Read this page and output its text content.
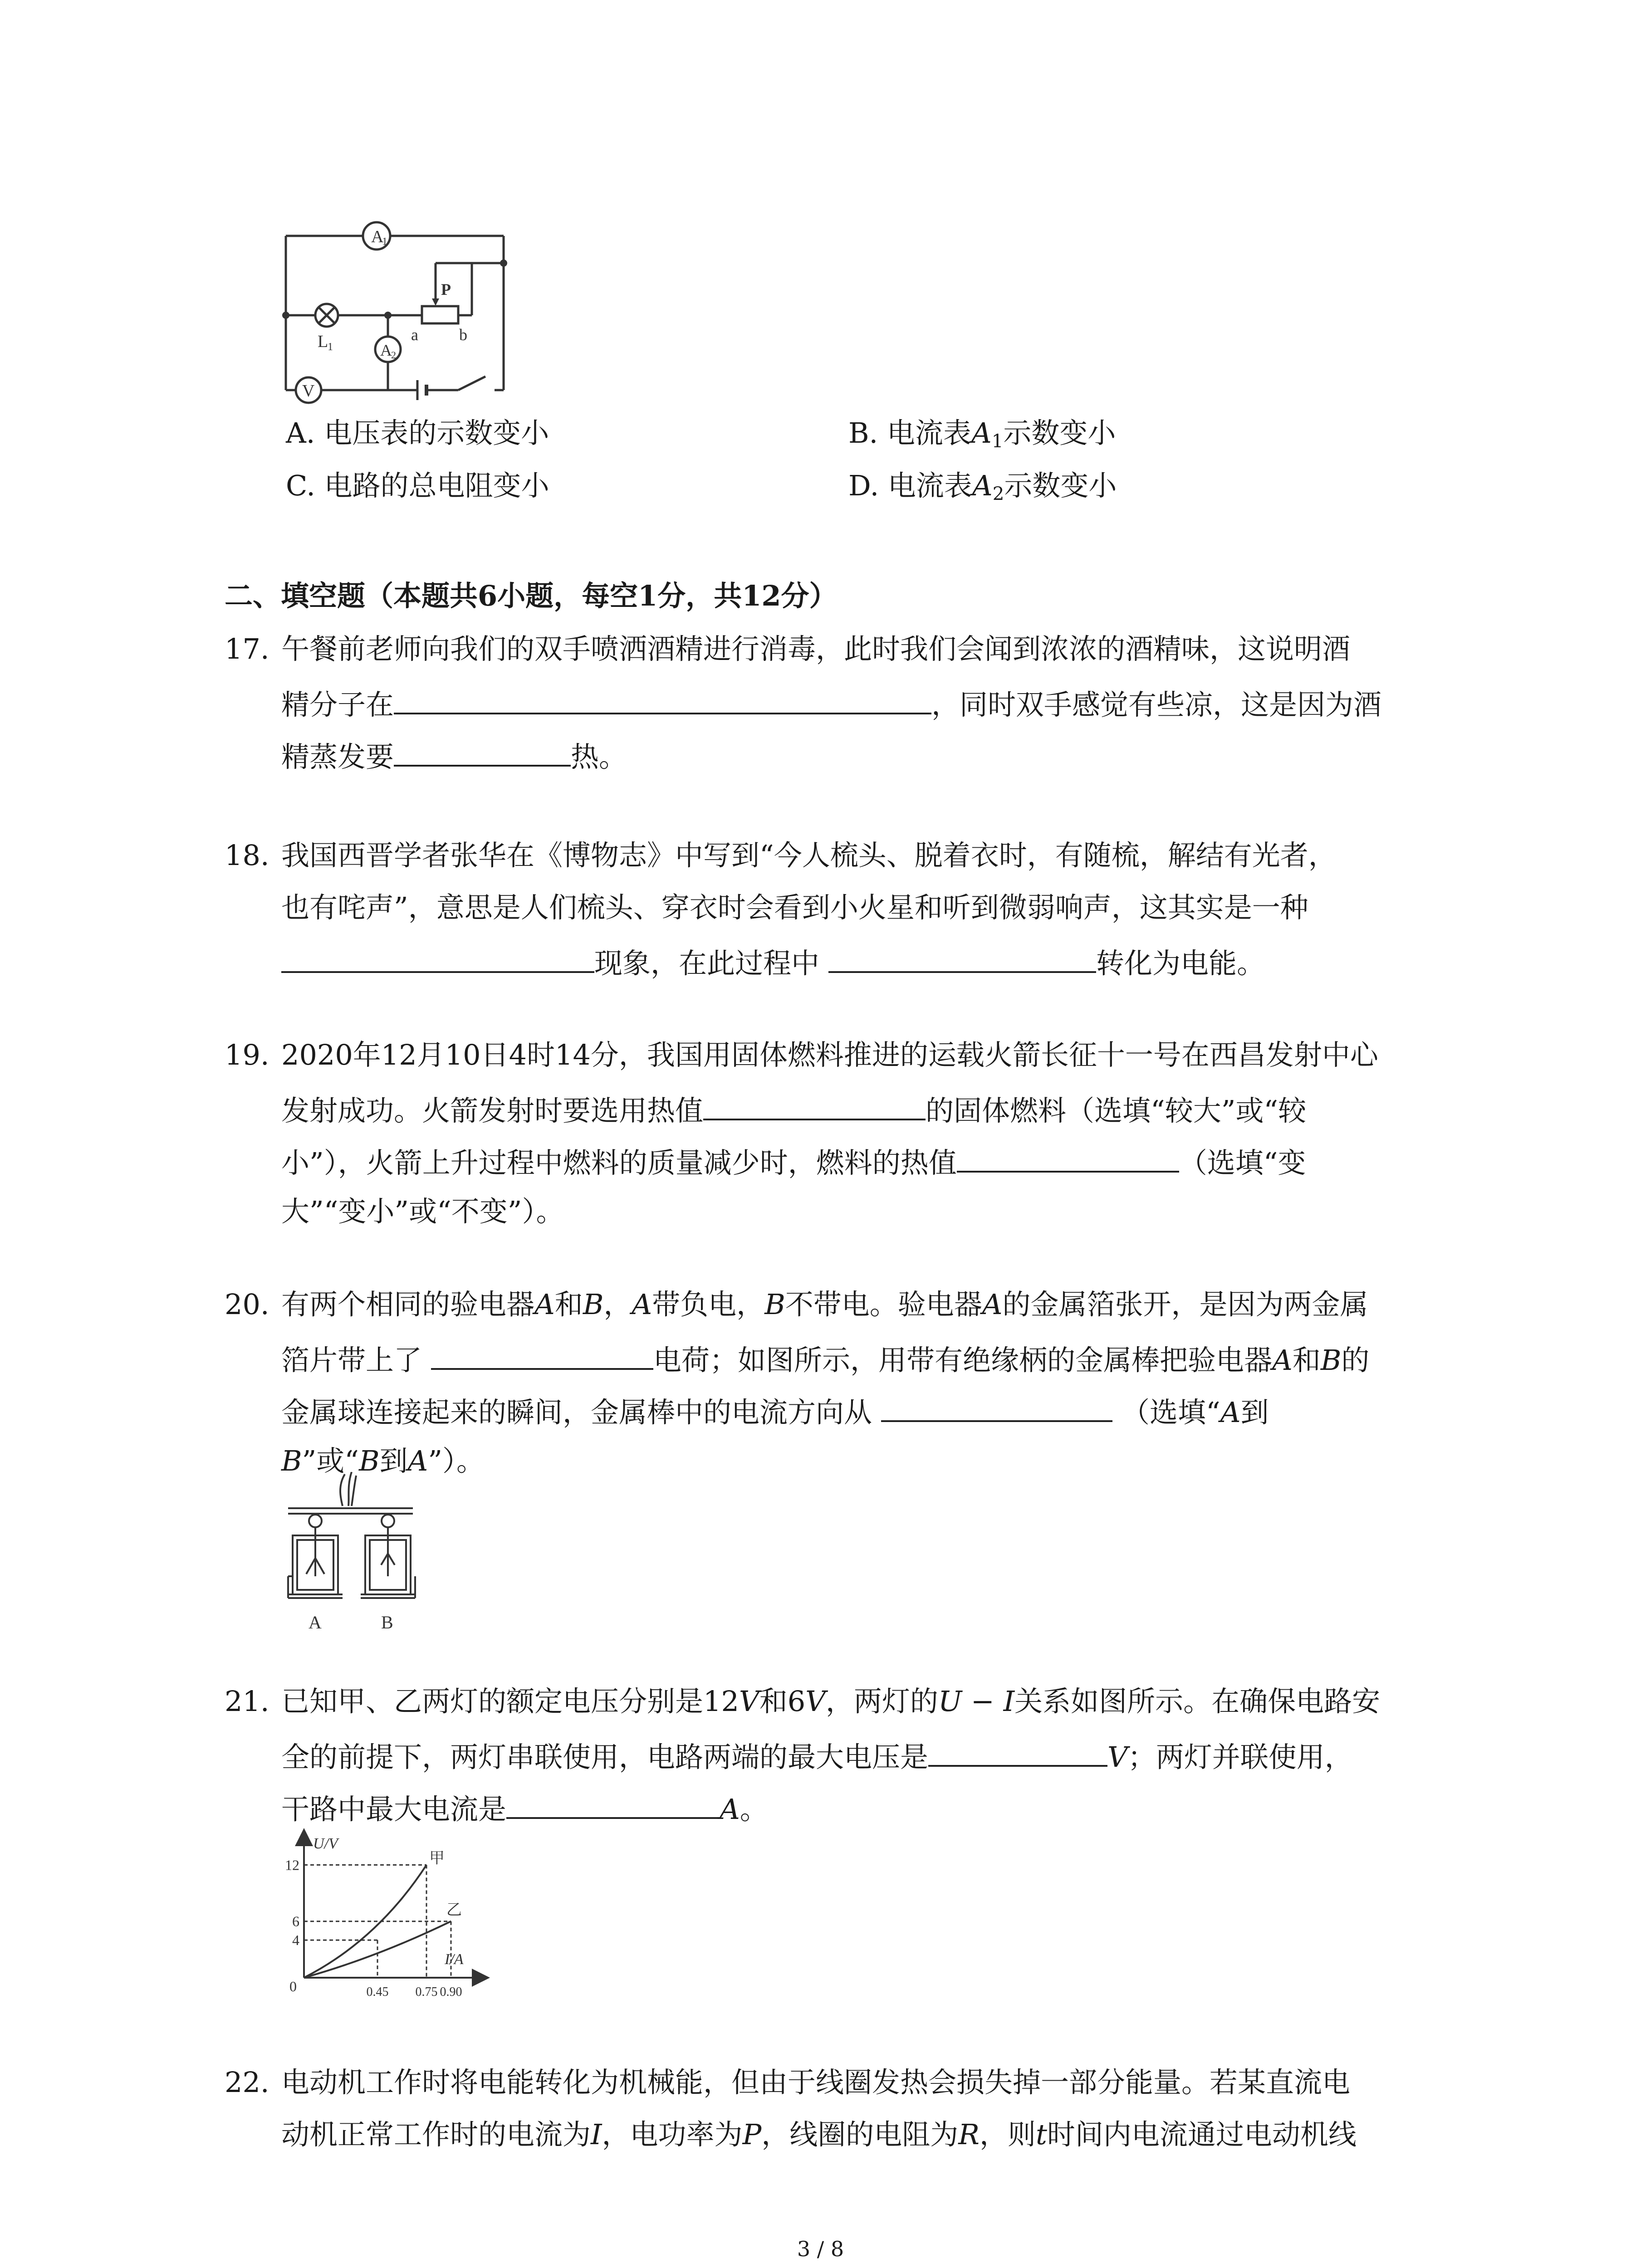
A
1
L
1	A
2
V
P
a	b
A. 电压表的示数变小	B. 电流表$A_1$示数变小
C. 电路的总电阻变小	D. 电流表$A_2$示数变小
二、填空题（本题共6小题，每空1分，共12分）
17. 午餐前老师向我们的双手喷洒酒精进行消毒，此时我们会闻到浓浓的酒精味，这说明酒
精分子在	，同时双手感觉有些凉，这是因为酒
精蒸发要	热。
18. 我国西晋学者张华在《博物志》中写到“今人梳头、脱着衣时，有随梳，解结有光者，
也有咤声”，意思是人们梳头、穿衣时会看到小火星和听到微弱响声，这其实是一种
现象，在此过程中	转化为电能。
19. 2020年12月10日4时14分，我国用固体燃料推进的运载火箭长征十一号在西昌发射中心
发射成功。火箭发射时要选用热值	的固体燃料（选填“较大”或“较
小”），火箭上升过程中燃料的质量减少时，燃料的热值	（选填“变
大”“变小”或“不变”）。
20. 有两个相同的验电器A和B，A带负电，B不带电。验电器A的金属箔张开，是因为两金属
箔片带上了	电荷；如图所示，用带有绝缘柄的金属棒把验电器A和B的
金属球连接起来的瞬间，金属棒中的电流方向从	（选填“A到
B”或“B到A”）。
A	B
21. 已知甲、乙两灯的额定电压分别是12V和6V，两灯的U − I关系如图所示。在确保电路安
全的前提下，两灯串联使用，电路两端的最大电压是	V；两灯并联使用，
干路中最大电流是	A。
U/V
I/A
0
12
6
4
0.45 0.75 0.90
甲
乙
22. 电动机工作时将电能转化为机械能，但由于线圈发热会损失掉一部分能量。若某直流电
动机正常工作时的电流为I，电功率为P，线圈的电阻为R，则t时间内电流通过电动机线
3 / 8
